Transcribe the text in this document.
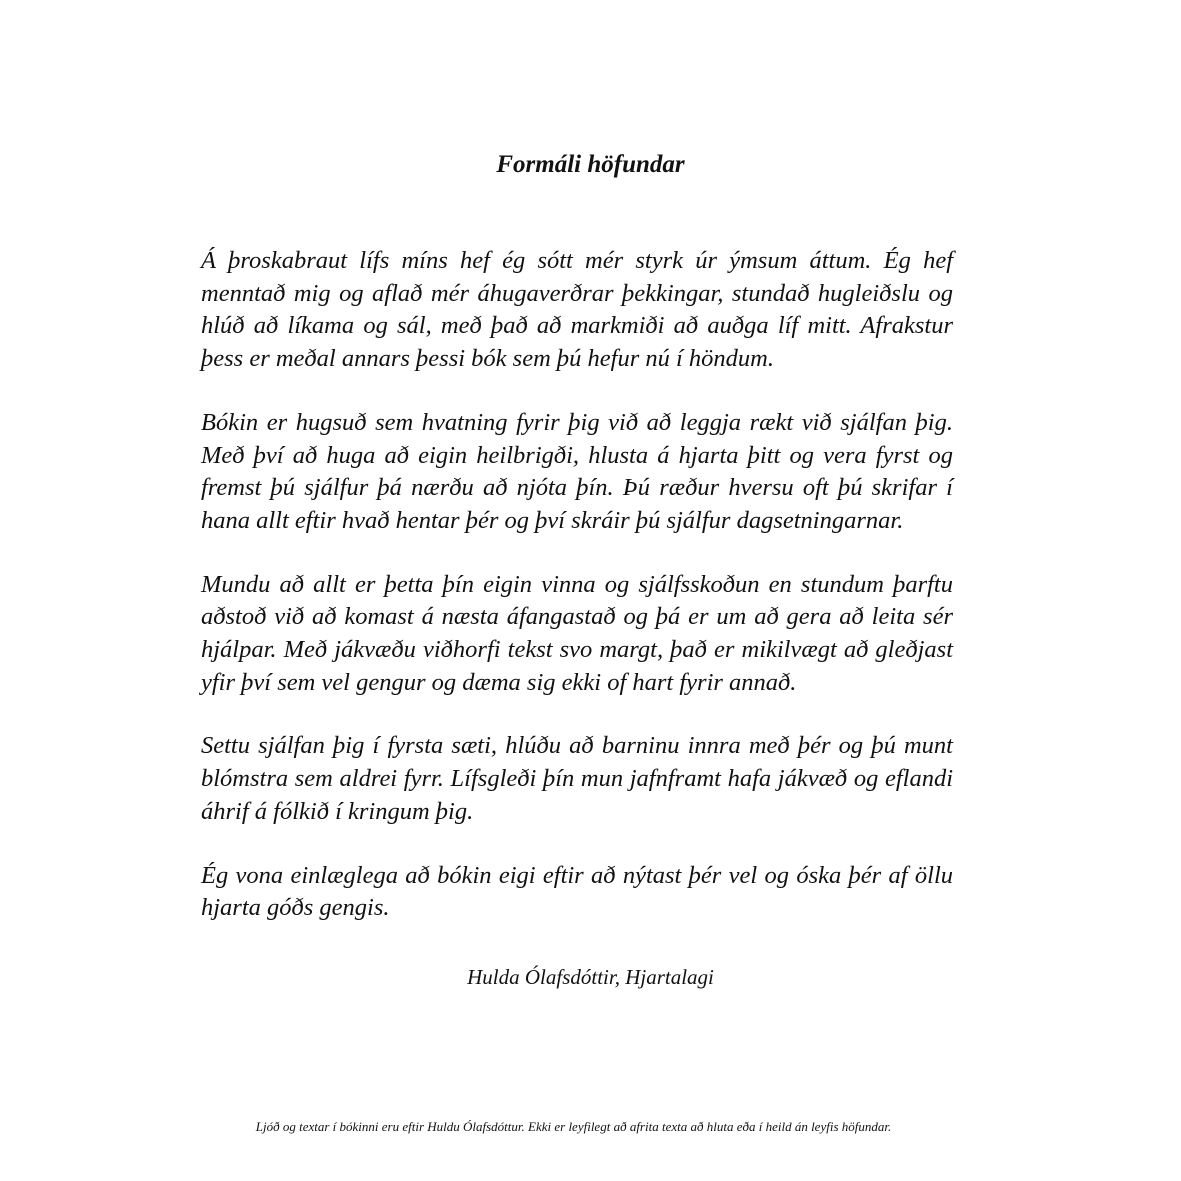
Formáli höfundar

Á þroskabraut lífs míns hef ég sótt mér styrk úr ýmsum áttum. Ég hef menntað mig og aflað mér áhugaverðrar þekkingar, stundað hugleiðslu og hlúð að líkama og sál, með það að markmiði að auðga líf mitt. Afrakstur þess er meðal annars þessi bók sem þú hefur nú í höndum.

Bókin er hugsuð sem hvatning fyrir þig við að leggja rækt við sjálfan þig. Með því að huga að eigin heilbrigði, hlusta á hjarta þitt og vera fyrst og fremst þú sjálfur þá nærðu að njóta þín. Þú ræður hversu oft þú skrifar í hana allt eftir hvað hentar þér og því skráir þú sjálfur dagsetningarnar.

Mundu að allt er þetta þín eigin vinna og sjálfsskoðun en stundum þarftu aðstoð við að komast á næsta áfangastað og þá er um að gera að leita sér hjálpar. Með jákvæðu viðhorfi tekst svo margt, það er mikilvægt að gleðjast yfir því sem vel gengur og dæma sig ekki of hart fyrir annað.

Settu sjálfan þig í fyrsta sæti, hlúðu að barninu innra með þér og þú munt blómstra sem aldrei fyrr. Lífsgleði þín mun jafnframt hafa jákvæð og eflandi áhrif á fólkið í kringum þig.

Ég vona einlæglega að bókin eigi eftir að nýtast þér vel og óska þér af öllu hjarta góðs gengis.

Hulda Ólafsdóttir, Hjartalagi

Ljóð og textar í bókinni eru eftir Huldu Ólafsdóttur. Ekki er leyfilegt að afrita texta að hluta eða í heild án leyfis höfundar.
